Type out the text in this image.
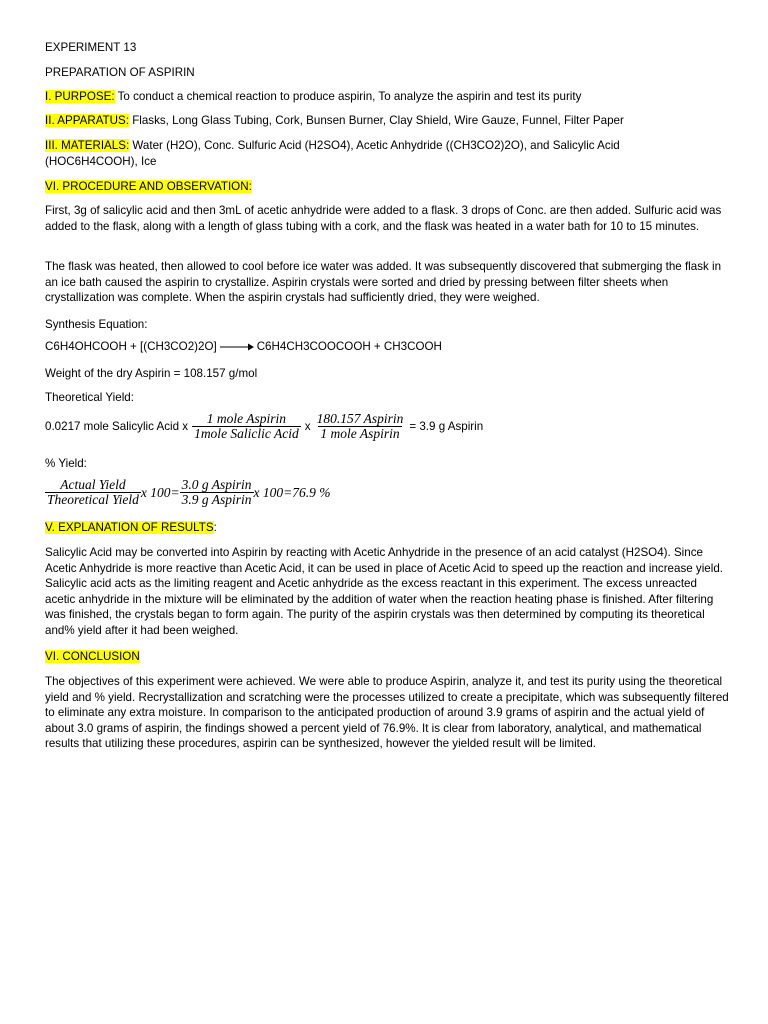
EXPERIMENT 13
PREPARATION OF ASPIRIN
I. PURPOSE: To conduct a chemical reaction to produce aspirin, To analyze the aspirin and test its purity
II. APPARATUS: Flasks, Long Glass Tubing, Cork, Bunsen Burner, Clay Shield, Wire Gauze, Funnel, Filter Paper
III. MATERIALS: Water (H2O), Conc. Sulfuric Acid (H2SO4), Acetic Anhydride ((CH3CO2)2O), and Salicylic Acid
(HOC6H4COOH), Ice
VI. PROCEDURE AND OBSERVATION:
First, 3g of salicylic acid and then 3mL of acetic anhydride were added to a flask. 3 drops of Conc. are then added. Sulfuric acid was added to the flask, along with a length of glass tubing with a cork, and the flask was heated in a water bath for 10 to 15 minutes.
The flask was heated, then allowed to cool before ice water was added. It was subsequently discovered that submerging the flask in an ice bath caused the aspirin to crystallize. Aspirin crystals were sorted and dried by pressing between filter sheets when crystallization was complete. When the aspirin crystals had sufficiently dried, they were weighed.
Synthesis Equation:
C6H4OHCOOH + [(CH3CO2)2O] → C6H4CH3COOCOOH + CH3COOH
Weight of the dry Aspirin = 108.157 g/mol
Theoretical Yield:
0.0217 mole Salicylic Acid x $\frac{\text{1 mole Aspirin}}{\text{1mole Saliclic Acid}}$ x $\frac{\text{180.157 Aspirin}}{\text{1 mole Aspirin}} = 3.9$ g Aspirin
% Yield:
$\frac{\text{Actual Yield}}{\text{Theoretical Yield}}$ x $100= \frac{\text{3.0 g Aspirin}}{\text{3.9 g Aspirin}}$ x 100=76.9 %
V. EXPLANATION OF RESULTS:
Salicylic Acid may be converted into Aspirin by reacting with Acetic Anhydride in the presence of an acid catalyst (H2SO4). Since Acetic Anhydride is more reactive than Acetic Acid, it can be used in place of Acetic Acid to speed up the reaction and increase yield. Salicylic acid acts as the limiting reagent and Acetic anhydride as the excess reactant in this experiment. The excess unreacted acetic anhydride in the mixture will be eliminated by the addition of water when the reaction heating phase is finished. After filtering was finished, the crystals began to form again. The purity of the aspirin crystals was then determined by computing its theoretical and% yield after it had been weighed.
VI. CONCLUSION
The objectives of this experiment were achieved. We were able to produce Aspirin, analyze it, and test its purity using the theoretical yield and % yield. Recrystallization and scratching were the processes utilized to create a precipitate, which was subsequently filtered to eliminate any extra moisture. In comparison to the anticipated production of around 3.9 grams of aspirin and the actual yield of about 3.0 grams of aspirin, the findings showed a percent yield of 76.9%. It is clear from laboratory, analytical, and mathematical results that utilizing these procedures, aspirin can be synthesized, however the yielded result will be limited.
